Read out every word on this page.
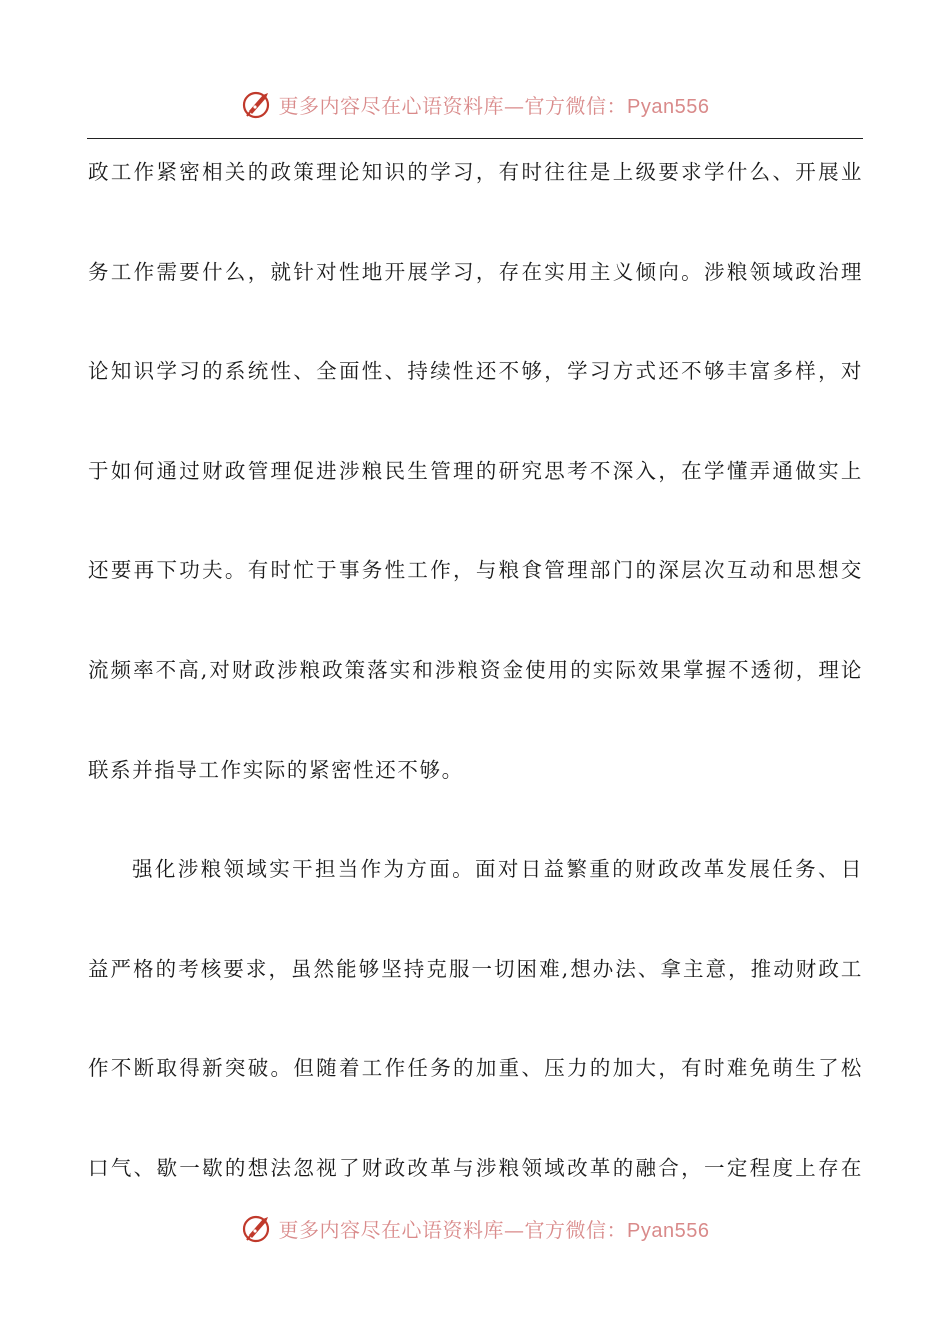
更多内容尽在心语资料库—官方微信：Pyan556
政工作紧密相关的政策理论知识的学习，有时往往是上级要求学什么、开展业
务工作需要什么，就针对性地开展学习，存在实用主义倾向。涉粮领域政治理
论知识学习的系统性、全面性、持续性还不够，学习方式还不够丰富多样，对
于如何通过财政管理促进涉粮民生管理的研究思考不深入，在学懂弄通做实上
还要再下功夫。有时忙于事务性工作，与粮食管理部门的深层次互动和思想交
流频率不高,对财政涉粮政策落实和涉粮资金使用的实际效果掌握不透彻，理论
联系并指导工作实际的紧密性还不够。
强化涉粮领域实干担当作为方面。面对日益繁重的财政改革发展任务、日
益严格的考核要求，虽然能够坚持克服一切困难,想办法、拿主意，推动财政工
作不断取得新突破。但随着工作任务的加重、压力的加大，有时难免萌生了松
口气、歇一歇的想法忽视了财政改革与涉粮领域改革的融合，一定程度上存在
更多内容尽在心语资料库—官方微信：Pyan556
